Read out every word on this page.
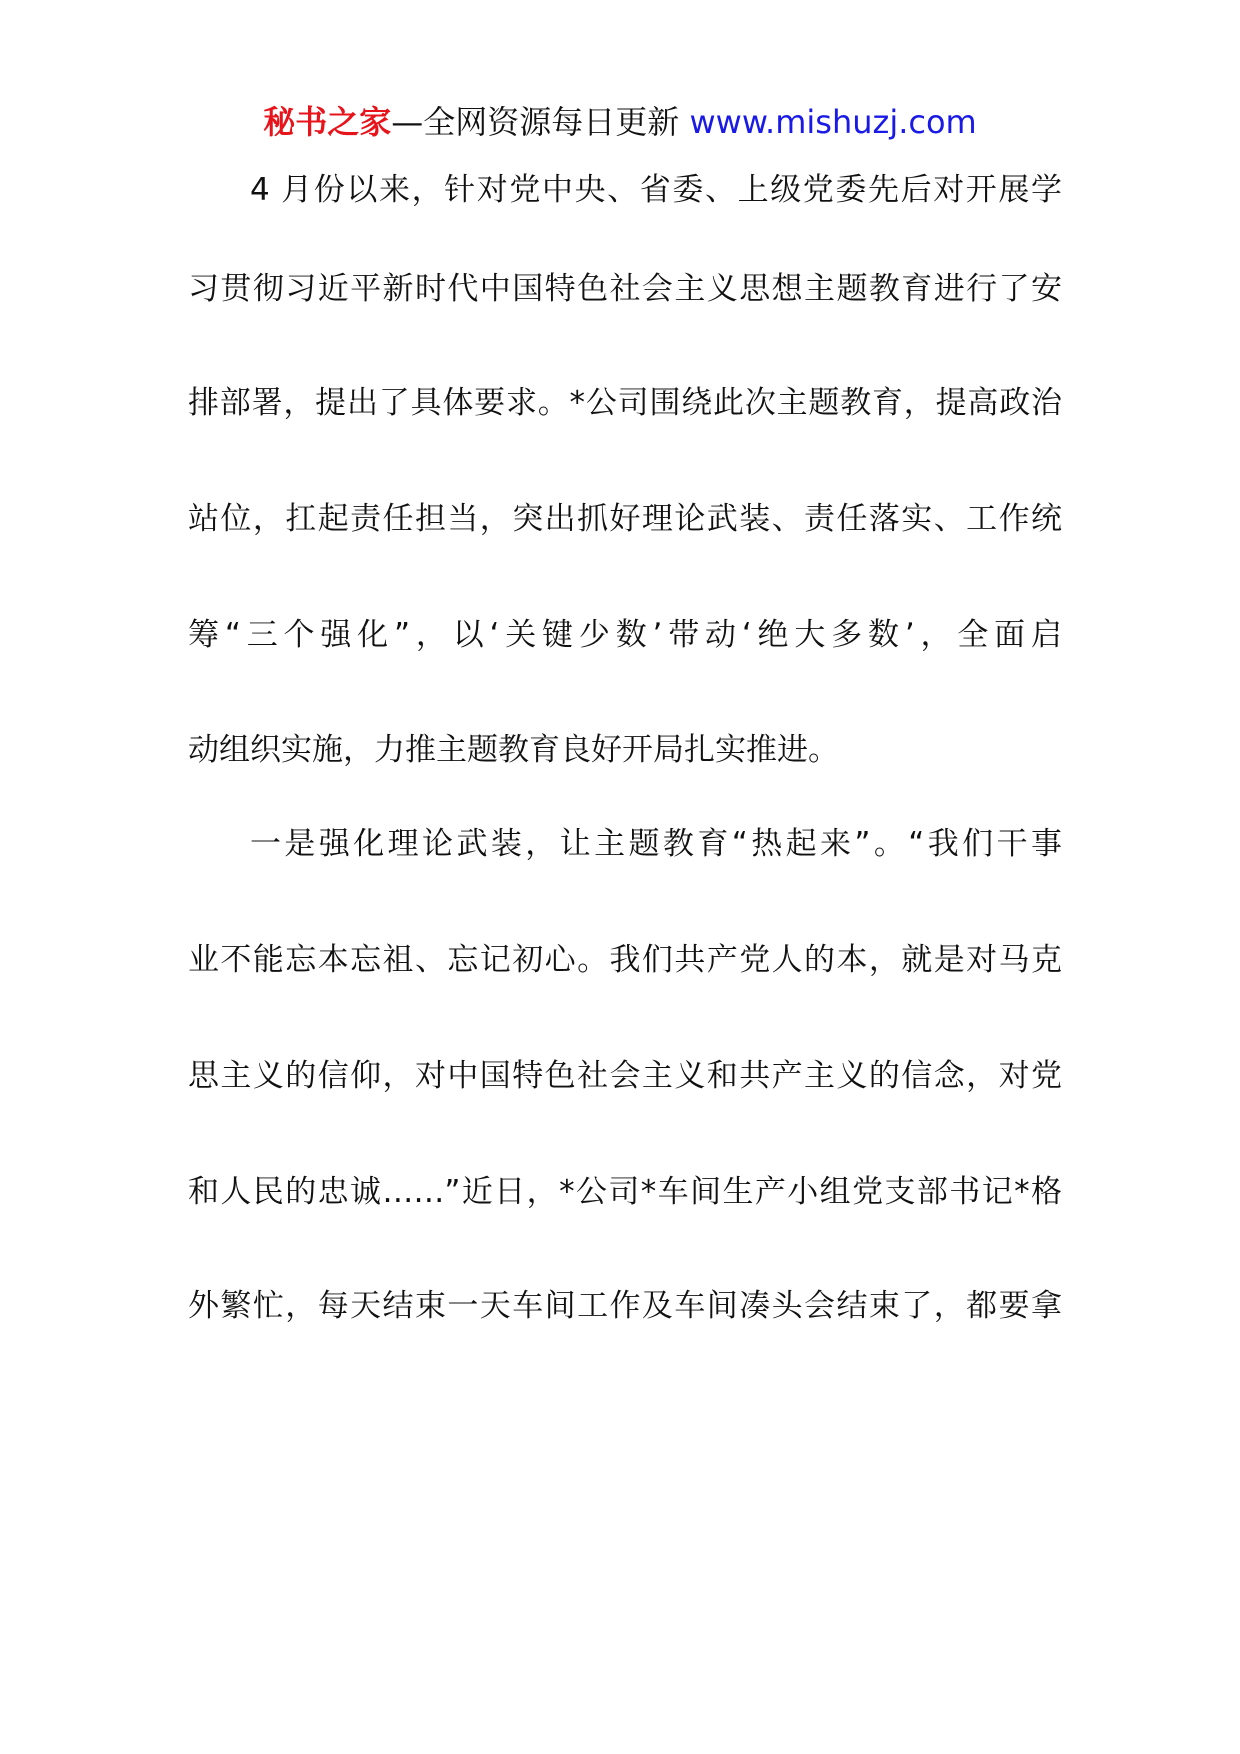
秘书之家—全网资源每日更新 www.mishuzj.com
4 月份以来，针对党中央、省委、上级党委先后对开展学
习贯彻习近平新时代中国特色社会主义思想主题教育进行了安
排部署，提出了具体要求。*公司围绕此次主题教育，提高政治
站位，扛起责任担当，突出抓好理论武装、责任落实、工作统
筹“三个强化”，以‘关键少数’带动‘绝大多数’，全面启
动组织实施，力推主题教育良好开局扎实推进。
一是强化理论武装，让主题教育“热起来”。“我们干事
业不能忘本忘祖、忘记初心。我们共产党人的本，就是对马克
思主义的信仰，对中国特色社会主义和共产主义的信念，对党
和人民的忠诚……”近日，*公司*车间生产小组党支部书记*格
外繁忙，每天结束一天车间工作及车间凑头会结束了，都要拿
